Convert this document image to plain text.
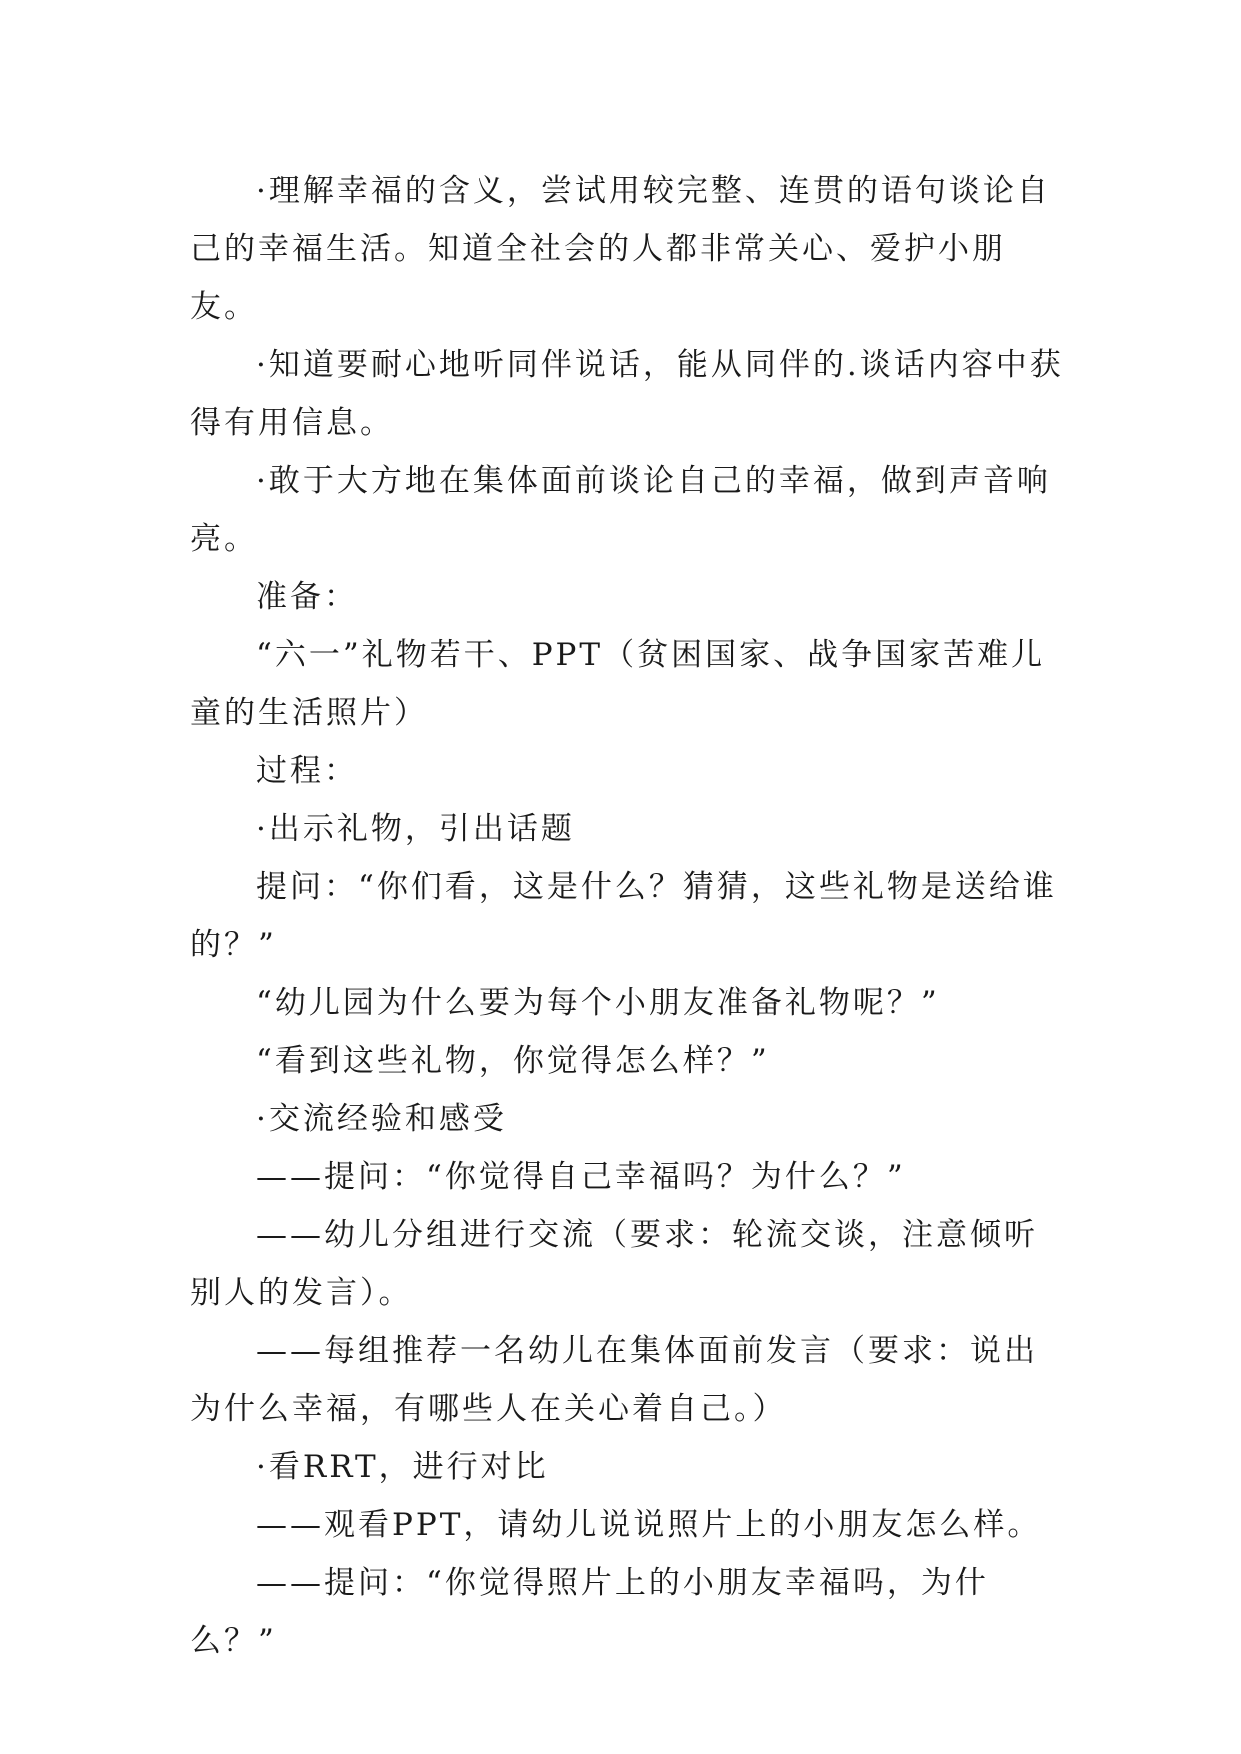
·理解幸福的含义，尝试用较完整、连贯的语句谈论自己的幸福生活。知道全社会的人都非常关心、爱护小朋友。

·知道要耐心地听同伴说话，能从同伴的.谈话内容中获得有用信息。

·敢于大方地在集体面前谈论自己的幸福，做到声音响亮。

准备：

“六一”礼物若干、PPT（贫困国家、战争国家苦难儿童的生活照片）

过程：

·出示礼物，引出话题

提问：“你们看，这是什么？猜猜，这些礼物是送给谁的？”

“幼儿园为什么要为每个小朋友准备礼物呢？”

“看到这些礼物，你觉得怎么样？”

·交流经验和感受

——提问：“你觉得自己幸福吗？为什么？”

——幼儿分组进行交流（要求：轮流交谈，注意倾听别人的发言）。

——每组推荐一名幼儿在集体面前发言（要求：说出为什么幸福，有哪些人在关心着自己。）

·看RRT，进行对比

——观看PPT，请幼儿说说照片上的小朋友怎么样。

——提问：“你觉得照片上的小朋友幸福吗，为什么？”
